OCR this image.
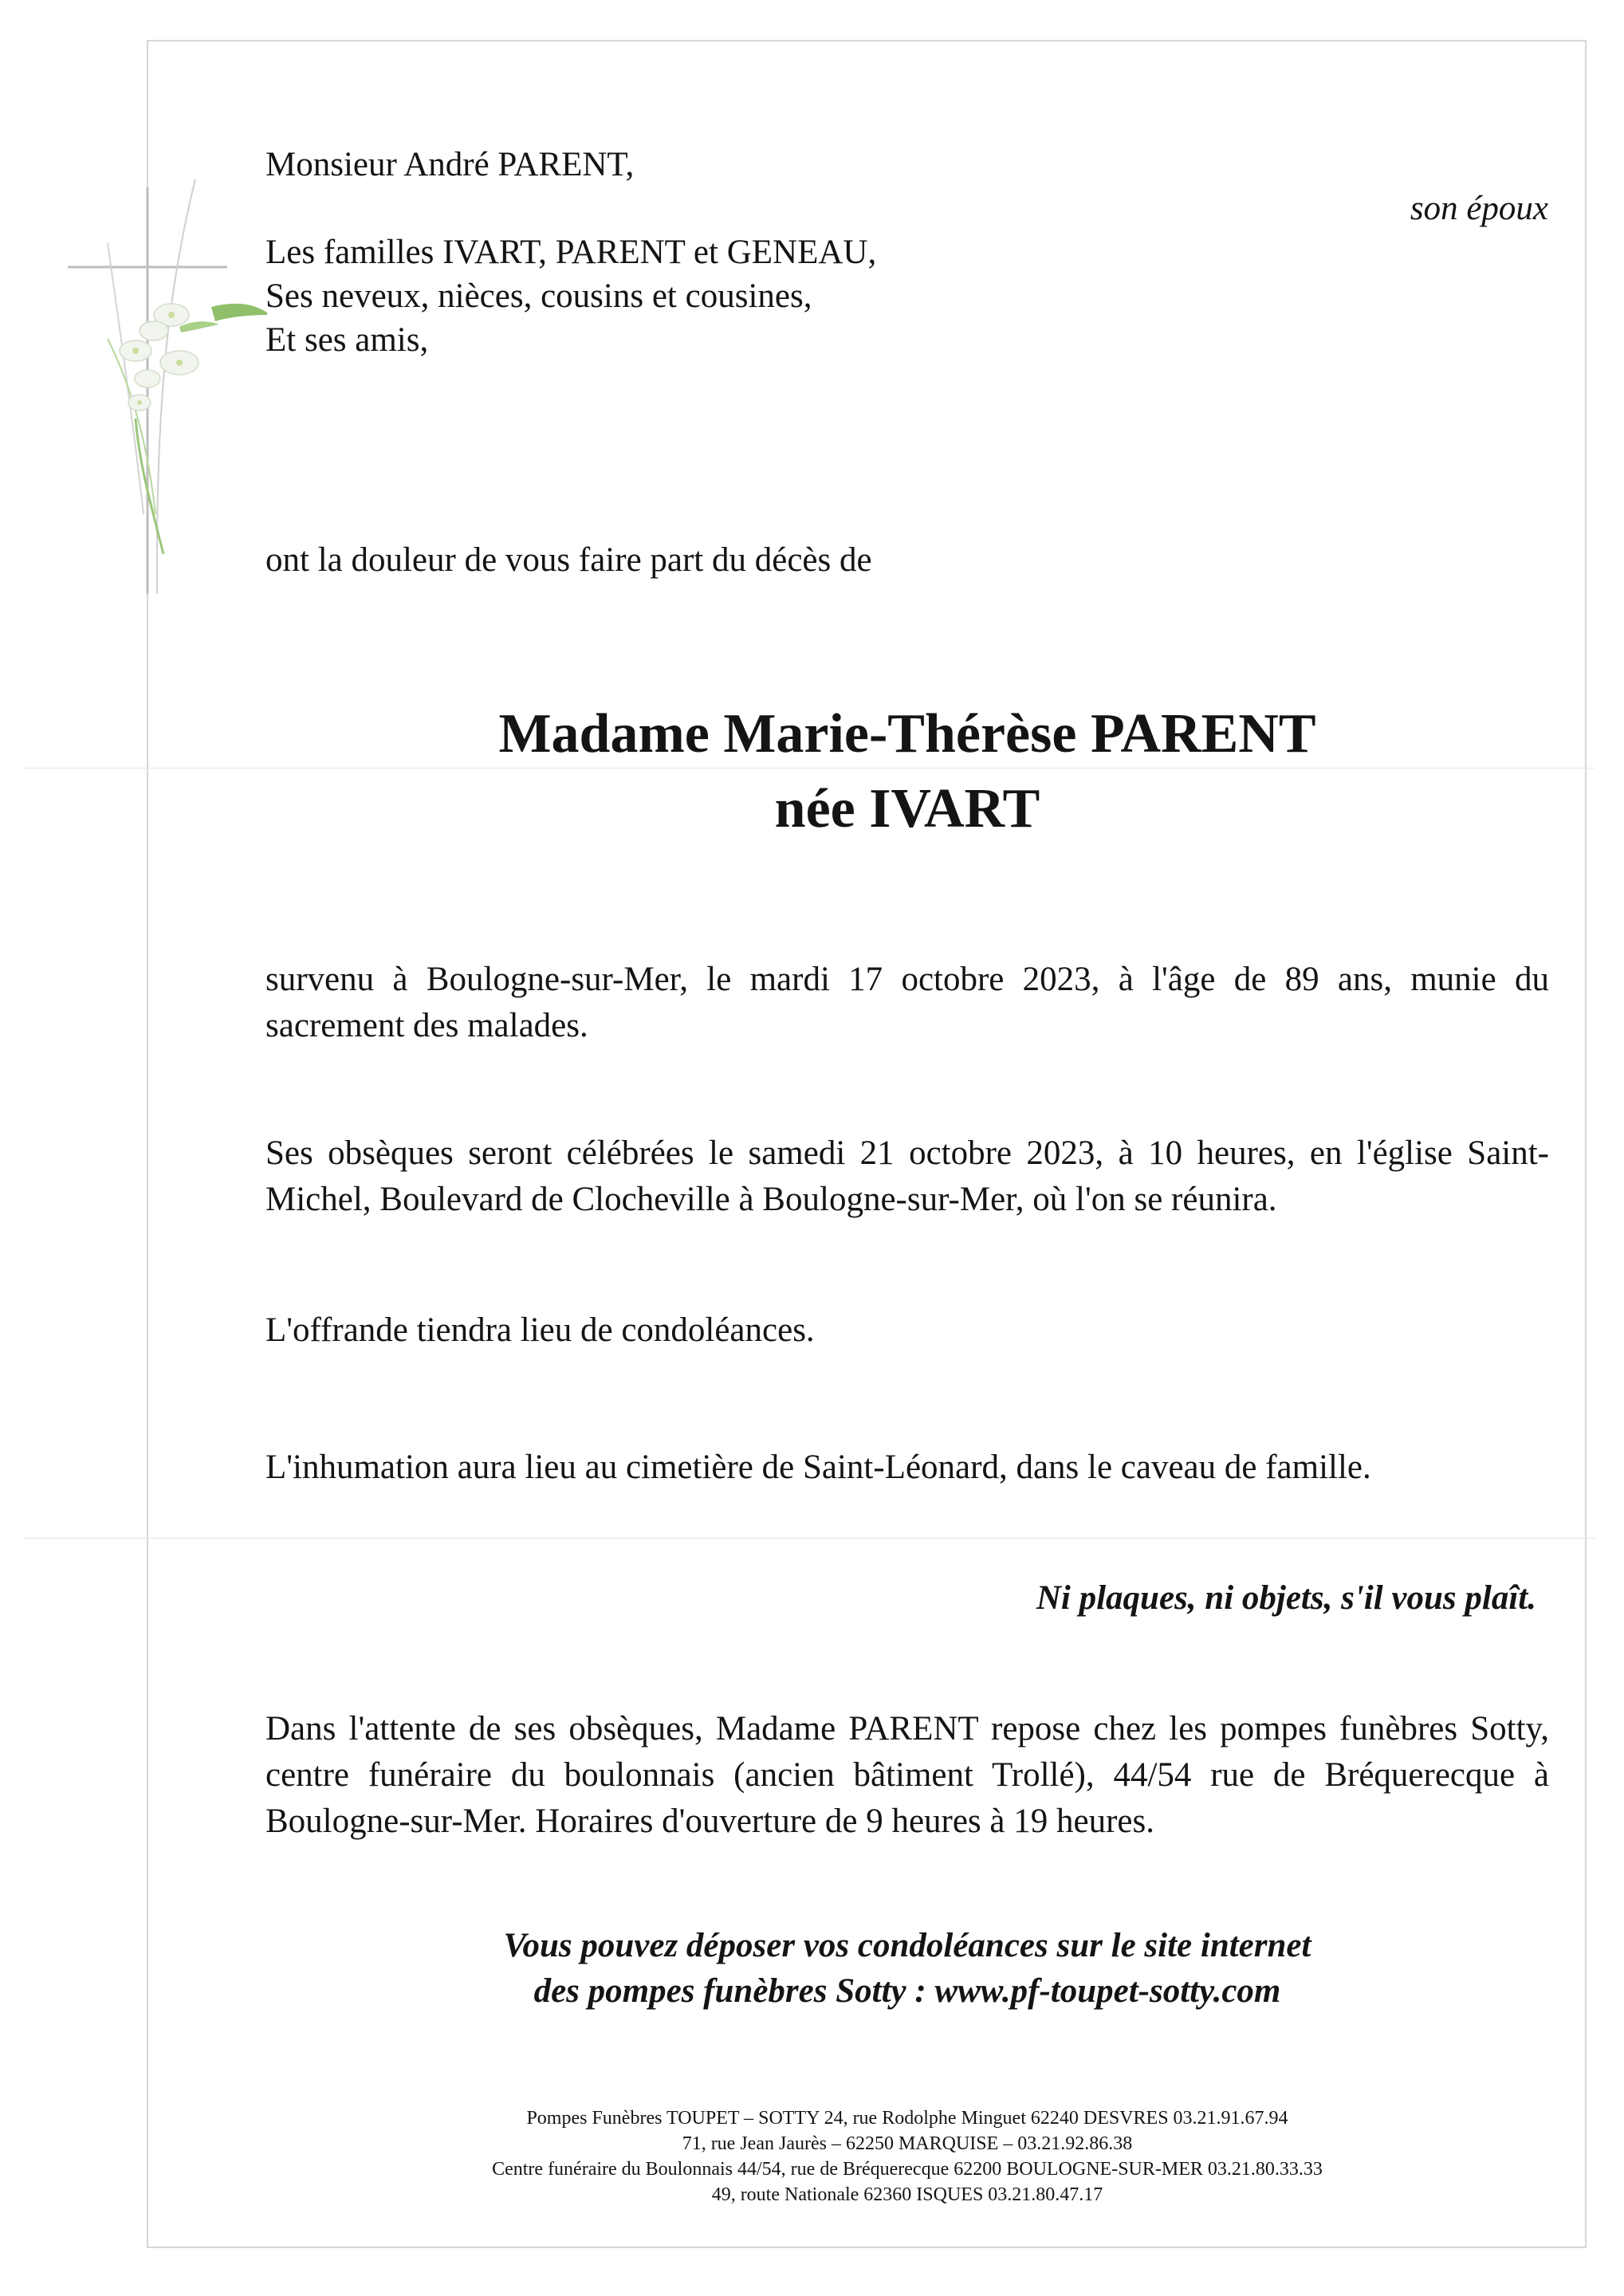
Monsieur André PARENT,
son époux
Les familles IVART, PARENT et GENEAU,
Ses neveux, nièces, cousins et cousines,
Et ses amis,
ont la douleur de vous faire part du décès de
Madame Marie-Thérèse PARENT
née IVART
survenu à Boulogne-sur-Mer, le mardi 17 octobre 2023, à l'âge de 89 ans, munie du sacrement des malades.
Ses obsèques seront célébrées le samedi 21 octobre 2023, à 10 heures, en l'église Saint-Michel, Boulevard de Clocheville à Boulogne-sur-Mer, où l'on se réunira.
L'offrande tiendra lieu de condoléances.
L'inhumation aura lieu au cimetière de Saint-Léonard, dans le caveau de famille.
Ni plaques, ni objets, s'il vous plaît.
Dans l'attente de ses obsèques, Madame PARENT repose chez les pompes funèbres Sotty, centre funéraire du boulonnais (ancien bâtiment Trollé), 44/54 rue de Bréquerecque à Boulogne-sur-Mer. Horaires d'ouverture de 9 heures à 19 heures.
Vous pouvez déposer vos condoléances sur le site internet
des pompes funèbres Sotty : www.pf-toupet-sotty.com
Pompes Funèbres TOUPET – SOTTY 24, rue Rodolphe Minguet 62240 DESVRES 03.21.91.67.94
71, rue Jean Jaurès – 62250 MARQUISE – 03.21.92.86.38
Centre funéraire du Boulonnais 44/54, rue de Bréquerecque 62200 BOULOGNE-SUR-MER 03.21.80.33.33
49, route Nationale 62360 ISQUES 03.21.80.47.17
